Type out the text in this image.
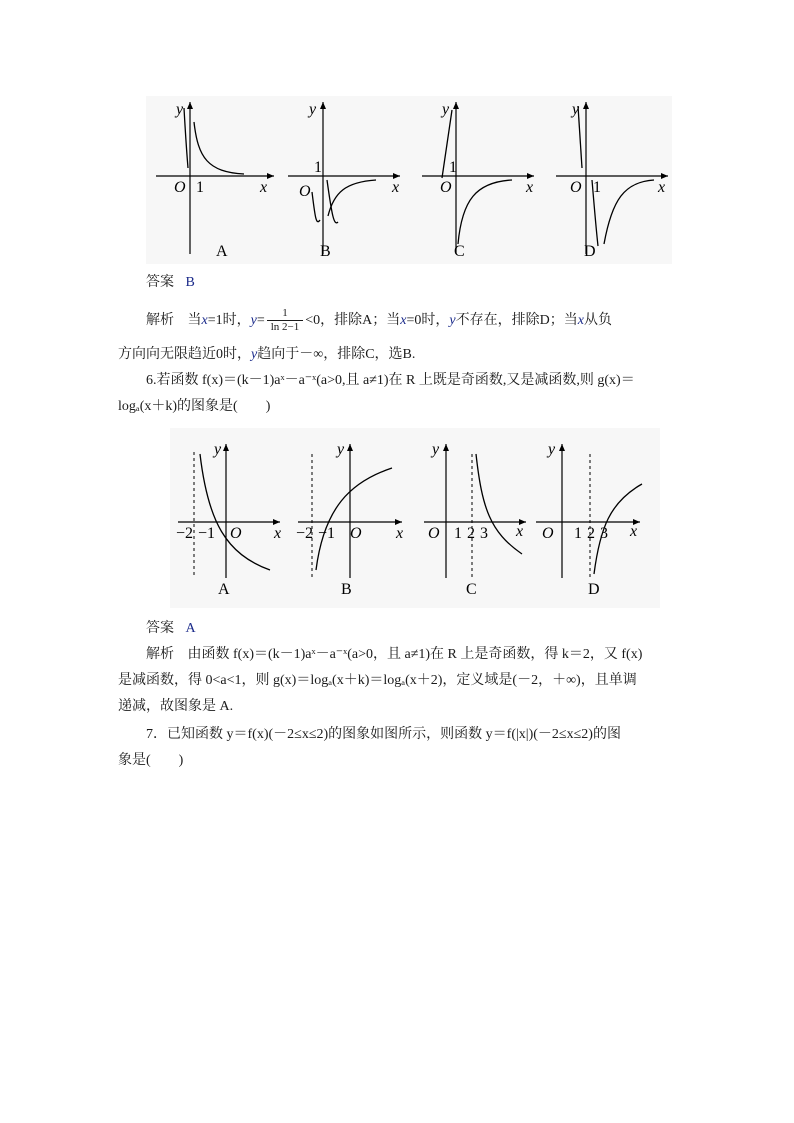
y
x
O 1
A
y
x
O
1
B
y
x
O
1
C
y
x
O 1
D
答案 B
解析 当x=1时，$y= \frac{1}{\ln 2-1} <0$，排除A；当x=0时，y不存在，排除D；当x从负
方向向无限趋近0时，y趋向于－∞，排除C，选B.
6.若函数 f(x)＝(k－1)aˣ－a⁻ˣ(a>0,且 a≠1)在 R 上既是奇函数,又是减函数,则 g(x)＝
logₐ(x＋k)的图象是(　　)
y
x
−2 −1 O
A
y
x
−2 −1 O
B
y
x
O 1 2 3
C
y
x
O 1 2 3
D
答案 A
解析 由函数 f(x)＝(k－1)aˣ－a⁻ˣ(a>0，且 a≠1)在 R 上是奇函数，得 k＝2，又 f(x)
是减函数，得 0<a<1，则 g(x)＝logₐ(x＋k)＝logₐ(x＋2)，定义域是(－2，＋∞)，且单调
递减，故图象是 A.
7．已知函数 y＝f(x)(－2≤x≤2)的图象如图所示，则函数 y＝f(|x|)(－2≤x≤2)的图
象是(　　)
